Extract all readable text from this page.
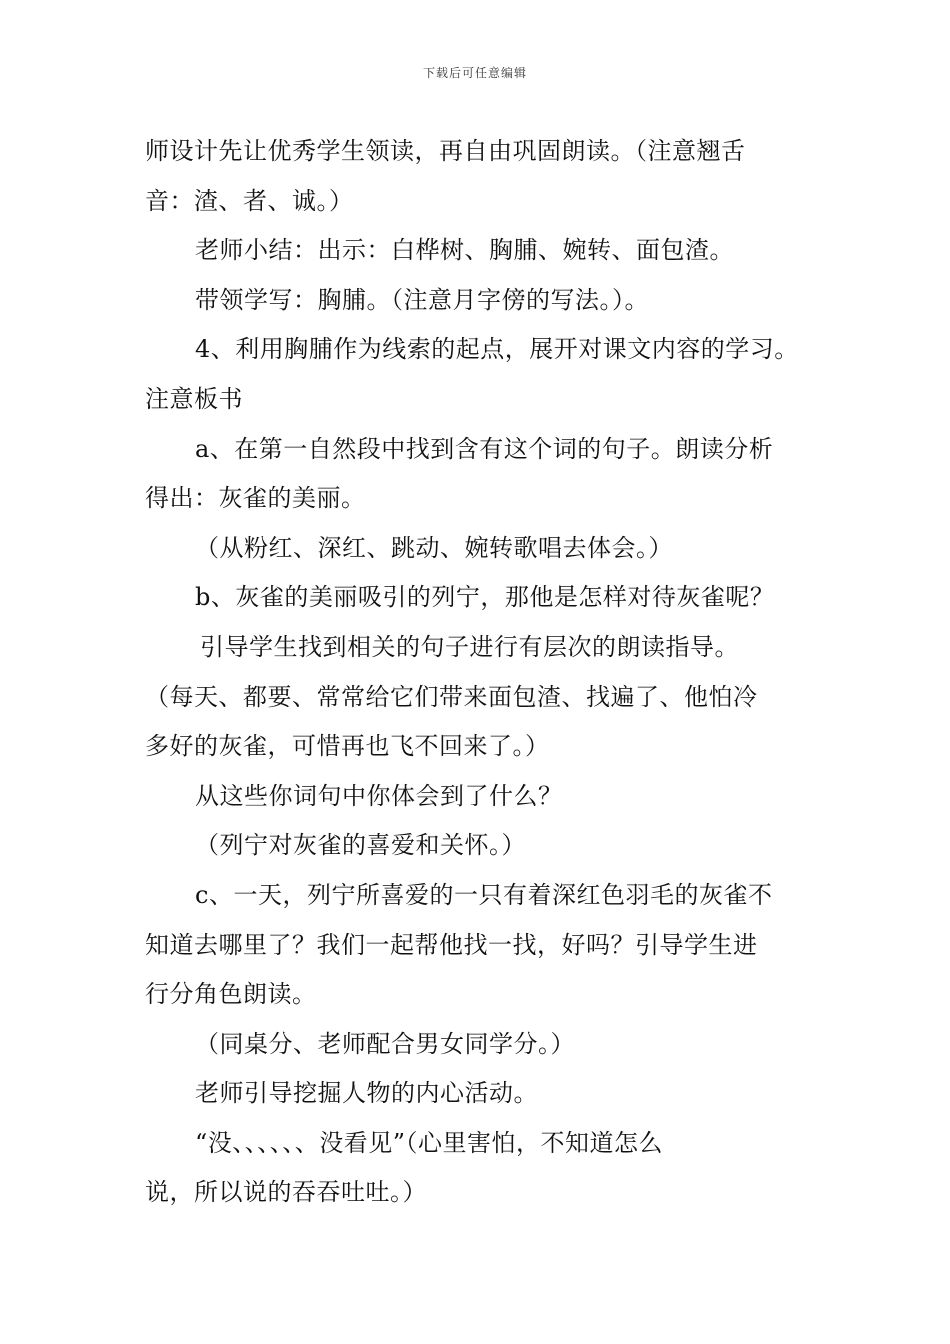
下载后可任意编辑

师设计先让优秀学生领读，再自由巩固朗读。（注意翘舌

音：渣、者、诚。）

老师小结：出示：白桦树、胸脯、婉转、面包渣。

带领学写：胸脯。（注意月字傍的写法。）。

4、利用胸脯作为线索的起点，展开对课文内容的学习。

注意板书

a、在第一自然段中找到含有这个词的句子。朗读分析

得出：灰雀的美丽。

（从粉红、深红、跳动、婉转歌唱去体会。）

b、灰雀的美丽吸引的列宁，那他是怎样对待灰雀呢？

引导学生找到相关的句子进行有层次的朗读指导。

（每天、都要、常常给它们带来面包渣、找遍了、他怕冷

多好的灰雀，可惜再也飞不回来了。）

从这些你词句中你体会到了什么？

（列宁对灰雀的喜爱和关怀。）

c、一天，列宁所喜爱的一只有着深红色羽毛的灰雀不

知道去哪里了？我们一起帮他找一找，好吗？引导学生进

行分角色朗读。

（同桌分、老师配合男女同学分。）

老师引导挖掘人物的内心活动。

“没、、、、、、没看见”（心里害怕，不知道怎么

说，所以说的吞吞吐吐。）
